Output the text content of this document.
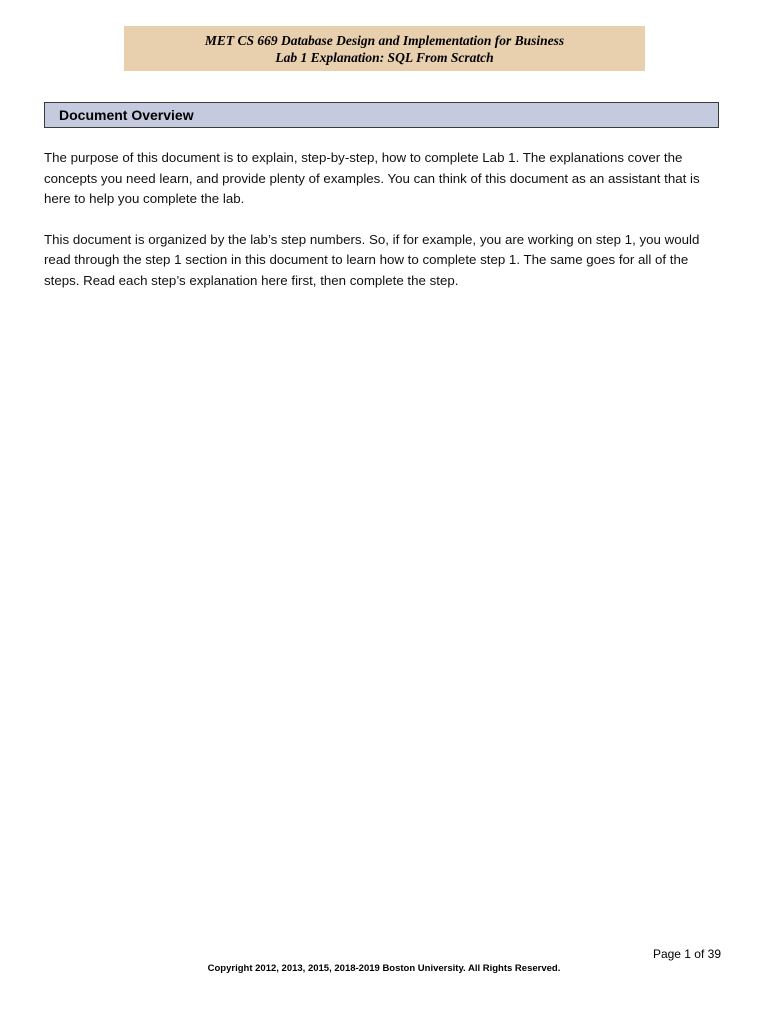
MET CS 669 Database Design and Implementation for Business
Lab 1 Explanation: SQL From Scratch
Document Overview

The purpose of this document is to explain, step-by-step, how to complete Lab 1. The explanations cover the concepts you need learn, and provide plenty of examples. You can think of this document as an assistant that is here to help you complete the lab.

This document is organized by the lab’s step numbers. So, if for example, you are working on step 1, you would read through the step 1 section in this document to learn how to complete step 1. The same goes for all of the steps. Read each step’s explanation here first, then complete the step.

Page 1 of 39
Copyright 2012, 2013, 2015, 2018-2019 Boston University. All Rights Reserved.
